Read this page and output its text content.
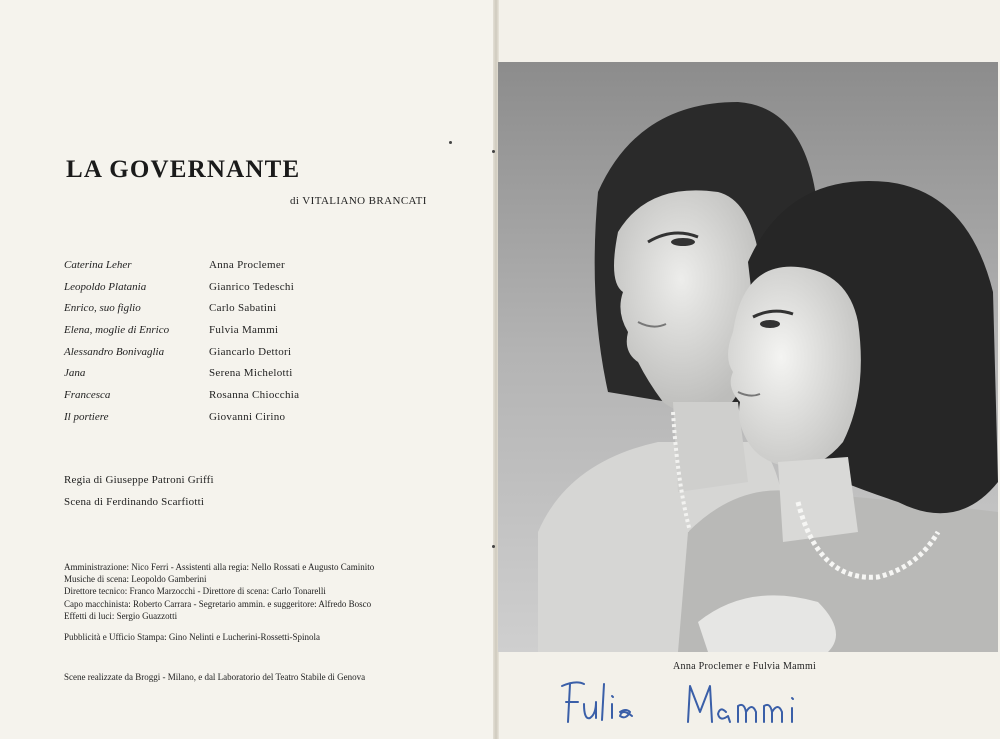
LA GOVERNANTE
di VITALIANO BRANCATI
Caterina Leher	Anna Proclemer
Leopoldo Platania	Gianrico Tedeschi
Enrico, suo figlio	Carlo Sabatini
Elena, moglie di Enrico	Fulvia Mammi
Alessandro Bonivaglia	Giancarlo Dettori
Jana	Serena Michelotti
Francesca	Rosanna Chiocchia
Il portiere	Giovanni Cirino
Regia di Giuseppe Patroni Griffi
Scena di Ferdinando Scarfiotti
Amministrazione: Nico Ferri - Assistenti alla regia: Nello Rossati e Augusto Caminito
Musiche di scena: Leopoldo Gamberini
Direttore tecnico: Franco Marzocchi - Direttore di scena: Carlo Tonarelli
Capo macchinista: Roberto Carrara - Segretario ammin. e suggeritore: Alfredo Bosco
Effetti di luci: Sergio Guazzotti
Pubblicità e Ufficio Stampa: Gino Nelinti e Lucherini-Rossetti-Spinola
Scene realizzate da Broggi - Milano, e dal Laboratorio del Teatro Stabile di Genova
Anna Proclemer e Fulvia Mammi
